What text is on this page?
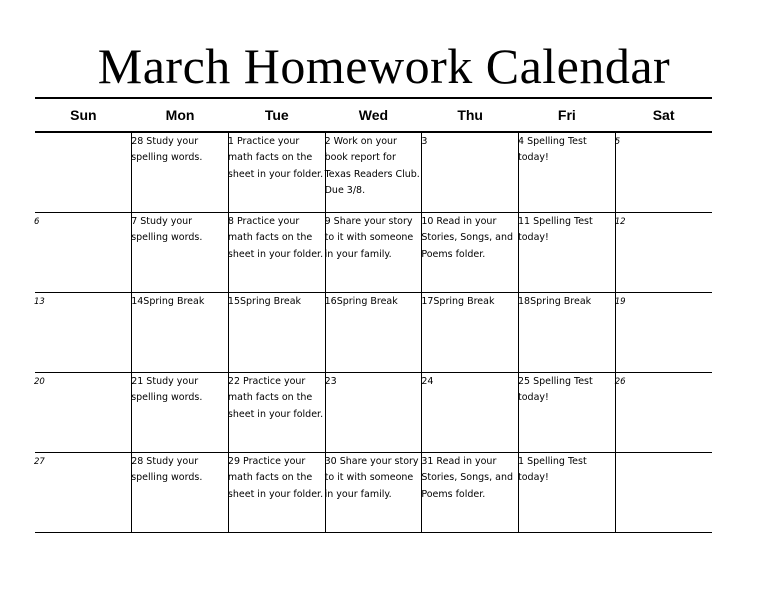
March Homework Calendar
Sun	Mon	Tue	Wed	Thu	Fri	Sat

	28 Study your spelling words.	1 Practice your math facts on the sheet in your folder.	2 Work on your book report for Texas Readers Club. Due 3/8.	3	4 Spelling Test today!	5

6	7 Study your spelling words.	8 Practice your math facts on the sheet in your folder.	9 Share your story to it with someone in your family.	10 Read in your Stories, Songs, and Poems folder.	11 Spelling Test today!	12

13	14Spring Break	15Spring Break	16Spring Break	17Spring Break	18Spring Break	19

20	21 Study your spelling words.	22 Practice your math facts on the sheet in your folder.	23	24	25 Spelling Test today!	26

27	28 Study your spelling words.	29 Practice your math facts on the sheet in your folder.	30 Share your story to it with someone in your family.	31 Read in your Stories, Songs, and Poems folder.	1 Spelling Test today!	
